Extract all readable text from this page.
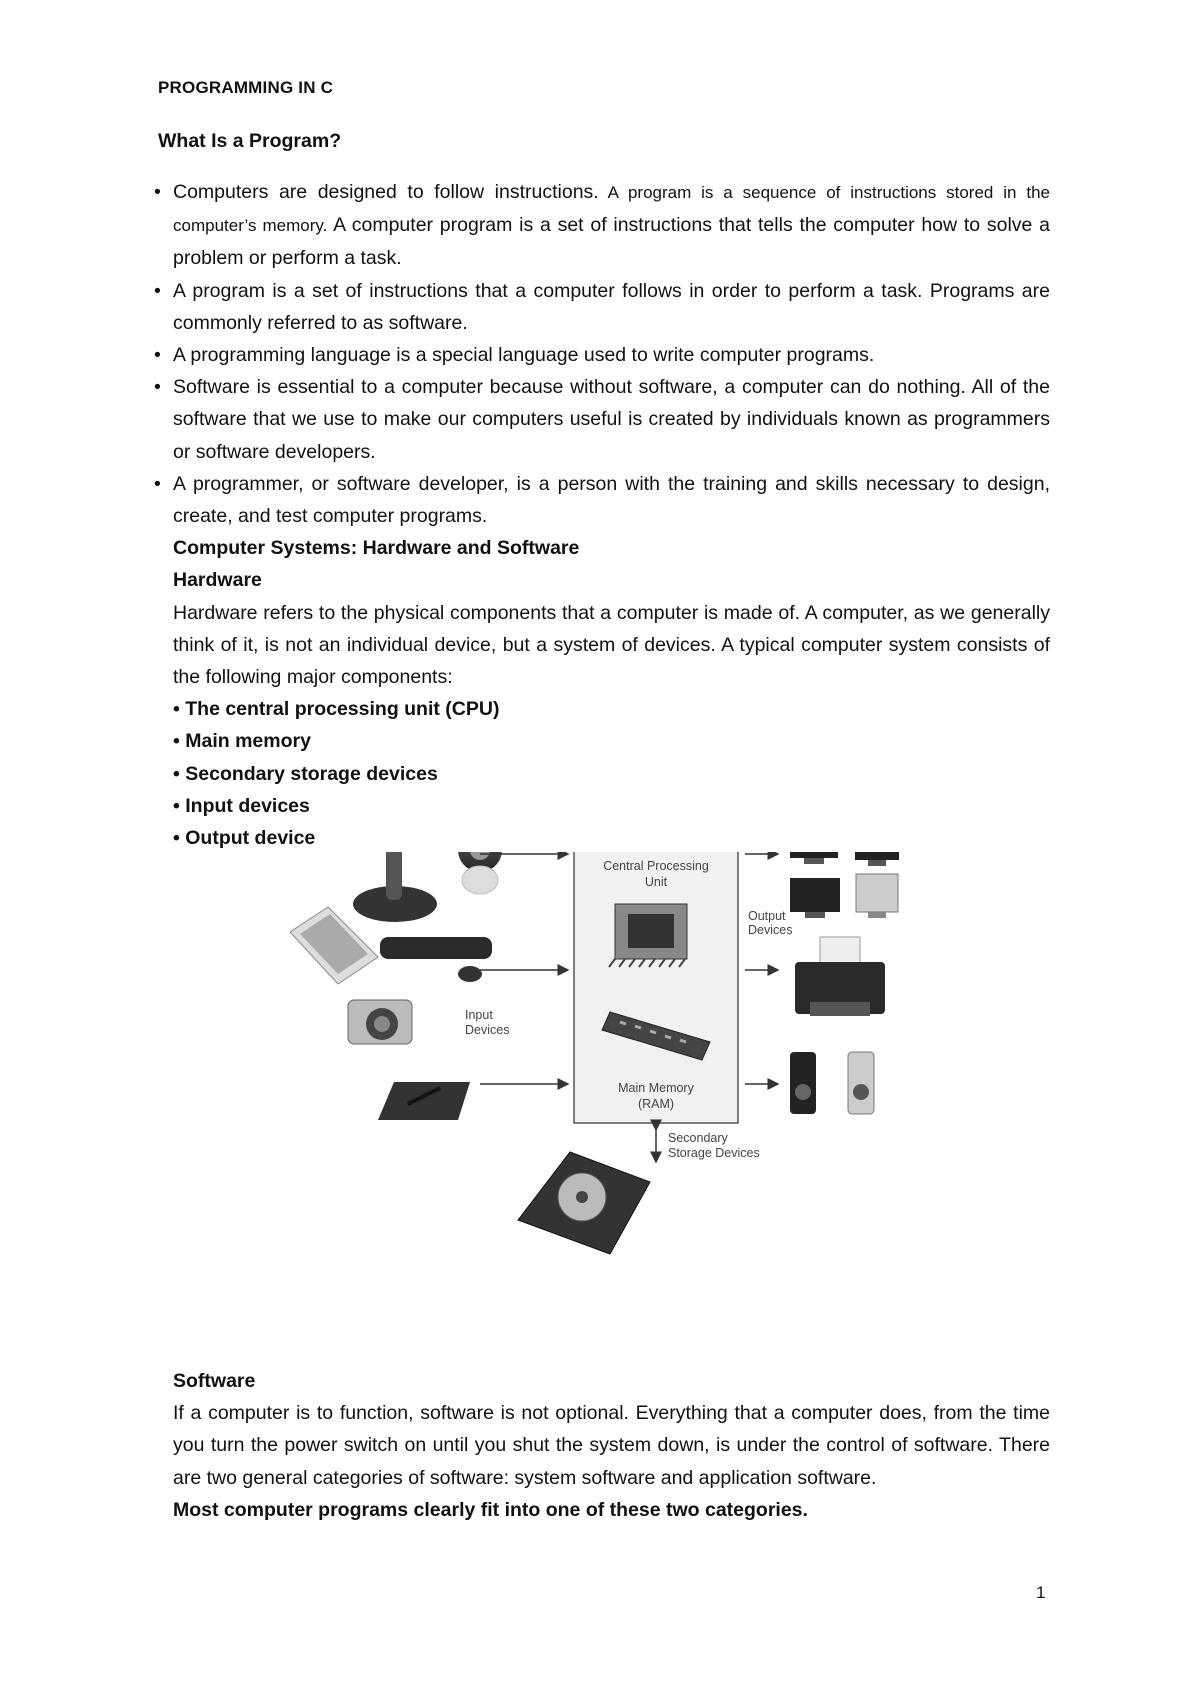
PROGRAMMING IN C
What Is a Program?
• Computers are designed to follow instructions. A program is a sequence of instructions stored in the computer’s memory. A computer program is a set of instructions that tells the computer how to solve a problem or perform a task.
• A program is a set of instructions that a computer follows in order to perform a task. Programs are commonly referred to as software.
• A programming language is a special language used to write computer programs.
• Software is essential to a computer because without software, a computer can do nothing. All of the software that we use to make our computers useful is created by individuals known as programmers or software developers.
• A programmer, or software developer, is a person with the training and skills necessary to design, create, and test computer programs.
Computer Systems: Hardware and Software
Hardware
Hardware refers to the physical components that a computer is made of. A computer, as we generally think of it, is not an individual device, but a system of devices. A typical computer system consists of the following major components:
• The central processing unit (CPU)
• Main memory
• Secondary storage devices
• Input devices
• Output device
Central Processing
Unit
Main Memory
(RAM)
Input
Devices
Output
Devices
Secondary
Storage Devices
Software
If a computer is to function, software is not optional. Everything that a computer does, from the time you turn the power switch on until you shut the system down, is under the control of software. There are two general categories of software: system software and application software.
Most computer programs clearly fit into one of these two categories.
1
